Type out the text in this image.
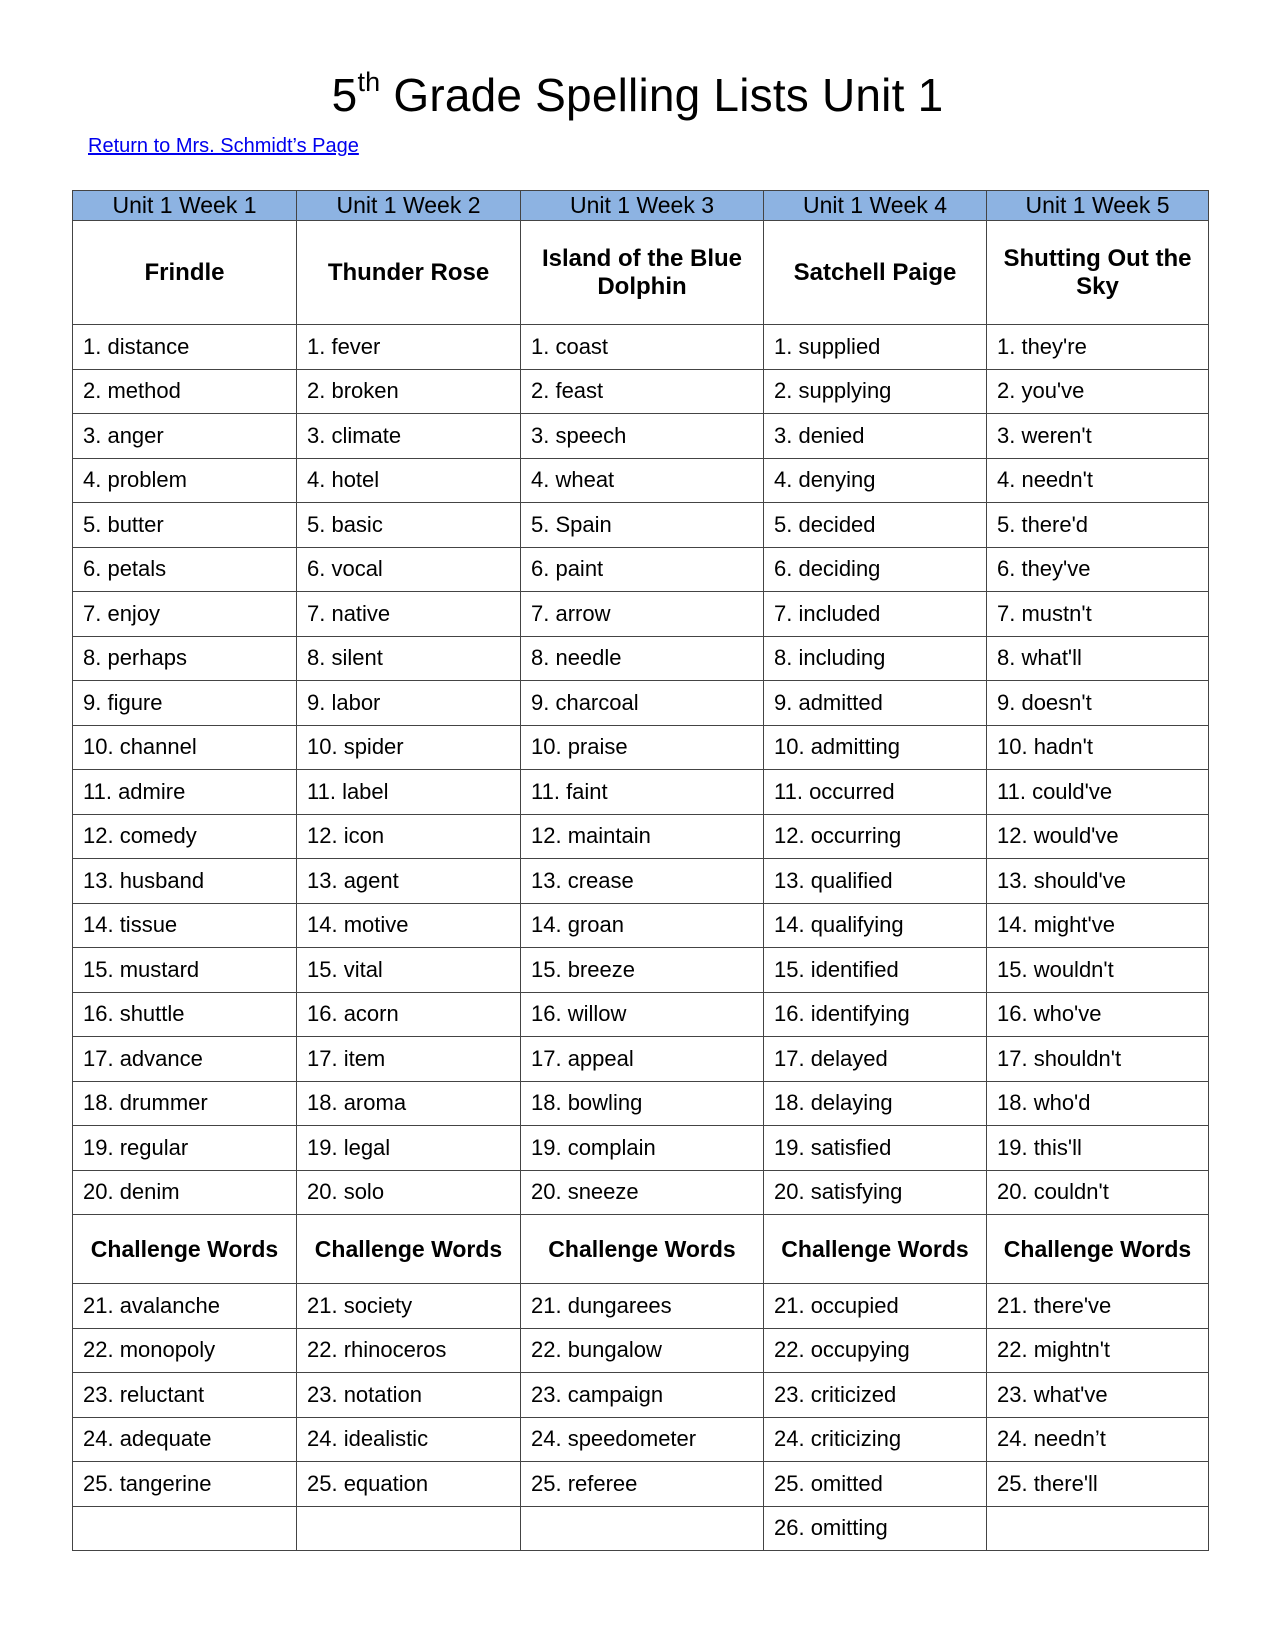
5th Grade Spelling Lists Unit 1
Return to Mrs. Schmidt’s Page
Unit 1 Week 1	Unit 1 Week 2	Unit 1 Week 3	Unit 1 Week 4	Unit 1 Week 5
Frindle	Thunder Rose	Island of the Blue Dolphin	Satchell Paige	Shutting Out the Sky
1. distance	1. fever	1. coast	1. supplied	1. they're
2. method	2. broken	2. feast	2. supplying	2. you've
3. anger	3. climate	3. speech	3. denied	3. weren't
4. problem	4. hotel	4. wheat	4. denying	4. needn't
5. butter	5. basic	5. Spain	5. decided	5. there'd
6. petals	6. vocal	6. paint	6. deciding	6. they've
7. enjoy	7. native	7. arrow	7. included	7. mustn't
8. perhaps	8. silent	8. needle	8. including	8. what'll
9. figure	9. labor	9. charcoal	9. admitted	9. doesn't
10. channel	10. spider	10. praise	10. admitting	10. hadn't
11. admire	11. label	11. faint	11. occurred	11. could've
12. comedy	12. icon	12. maintain	12. occurring	12. would've
13. husband	13. agent	13. crease	13. qualified	13. should've
14. tissue	14. motive	14. groan	14. qualifying	14. might've
15. mustard	15. vital	15. breeze	15. identified	15. wouldn't
16. shuttle	16. acorn	16. willow	16. identifying	16. who've
17. advance	17. item	17. appeal	17. delayed	17. shouldn't
18. drummer	18. aroma	18. bowling	18. delaying	18. who'd
19. regular	19. legal	19. complain	19. satisfied	19. this'll
20. denim	20. solo	20. sneeze	20. satisfying	20. couldn't
Challenge Words	Challenge Words	Challenge Words	Challenge Words	Challenge Words
21. avalanche	21. society	21. dungarees	21. occupied	21. there've
22. monopoly	22. rhinoceros	22. bungalow	22. occupying	22. mightn't
23. reluctant	23. notation	23. campaign	23. criticized	23. what've
24. adequate	24. idealistic	24. speedometer	24. criticizing	24. needn’t
25. tangerine	25. equation	25. referee	25. omitted	25. there'll
			26. omitting	
